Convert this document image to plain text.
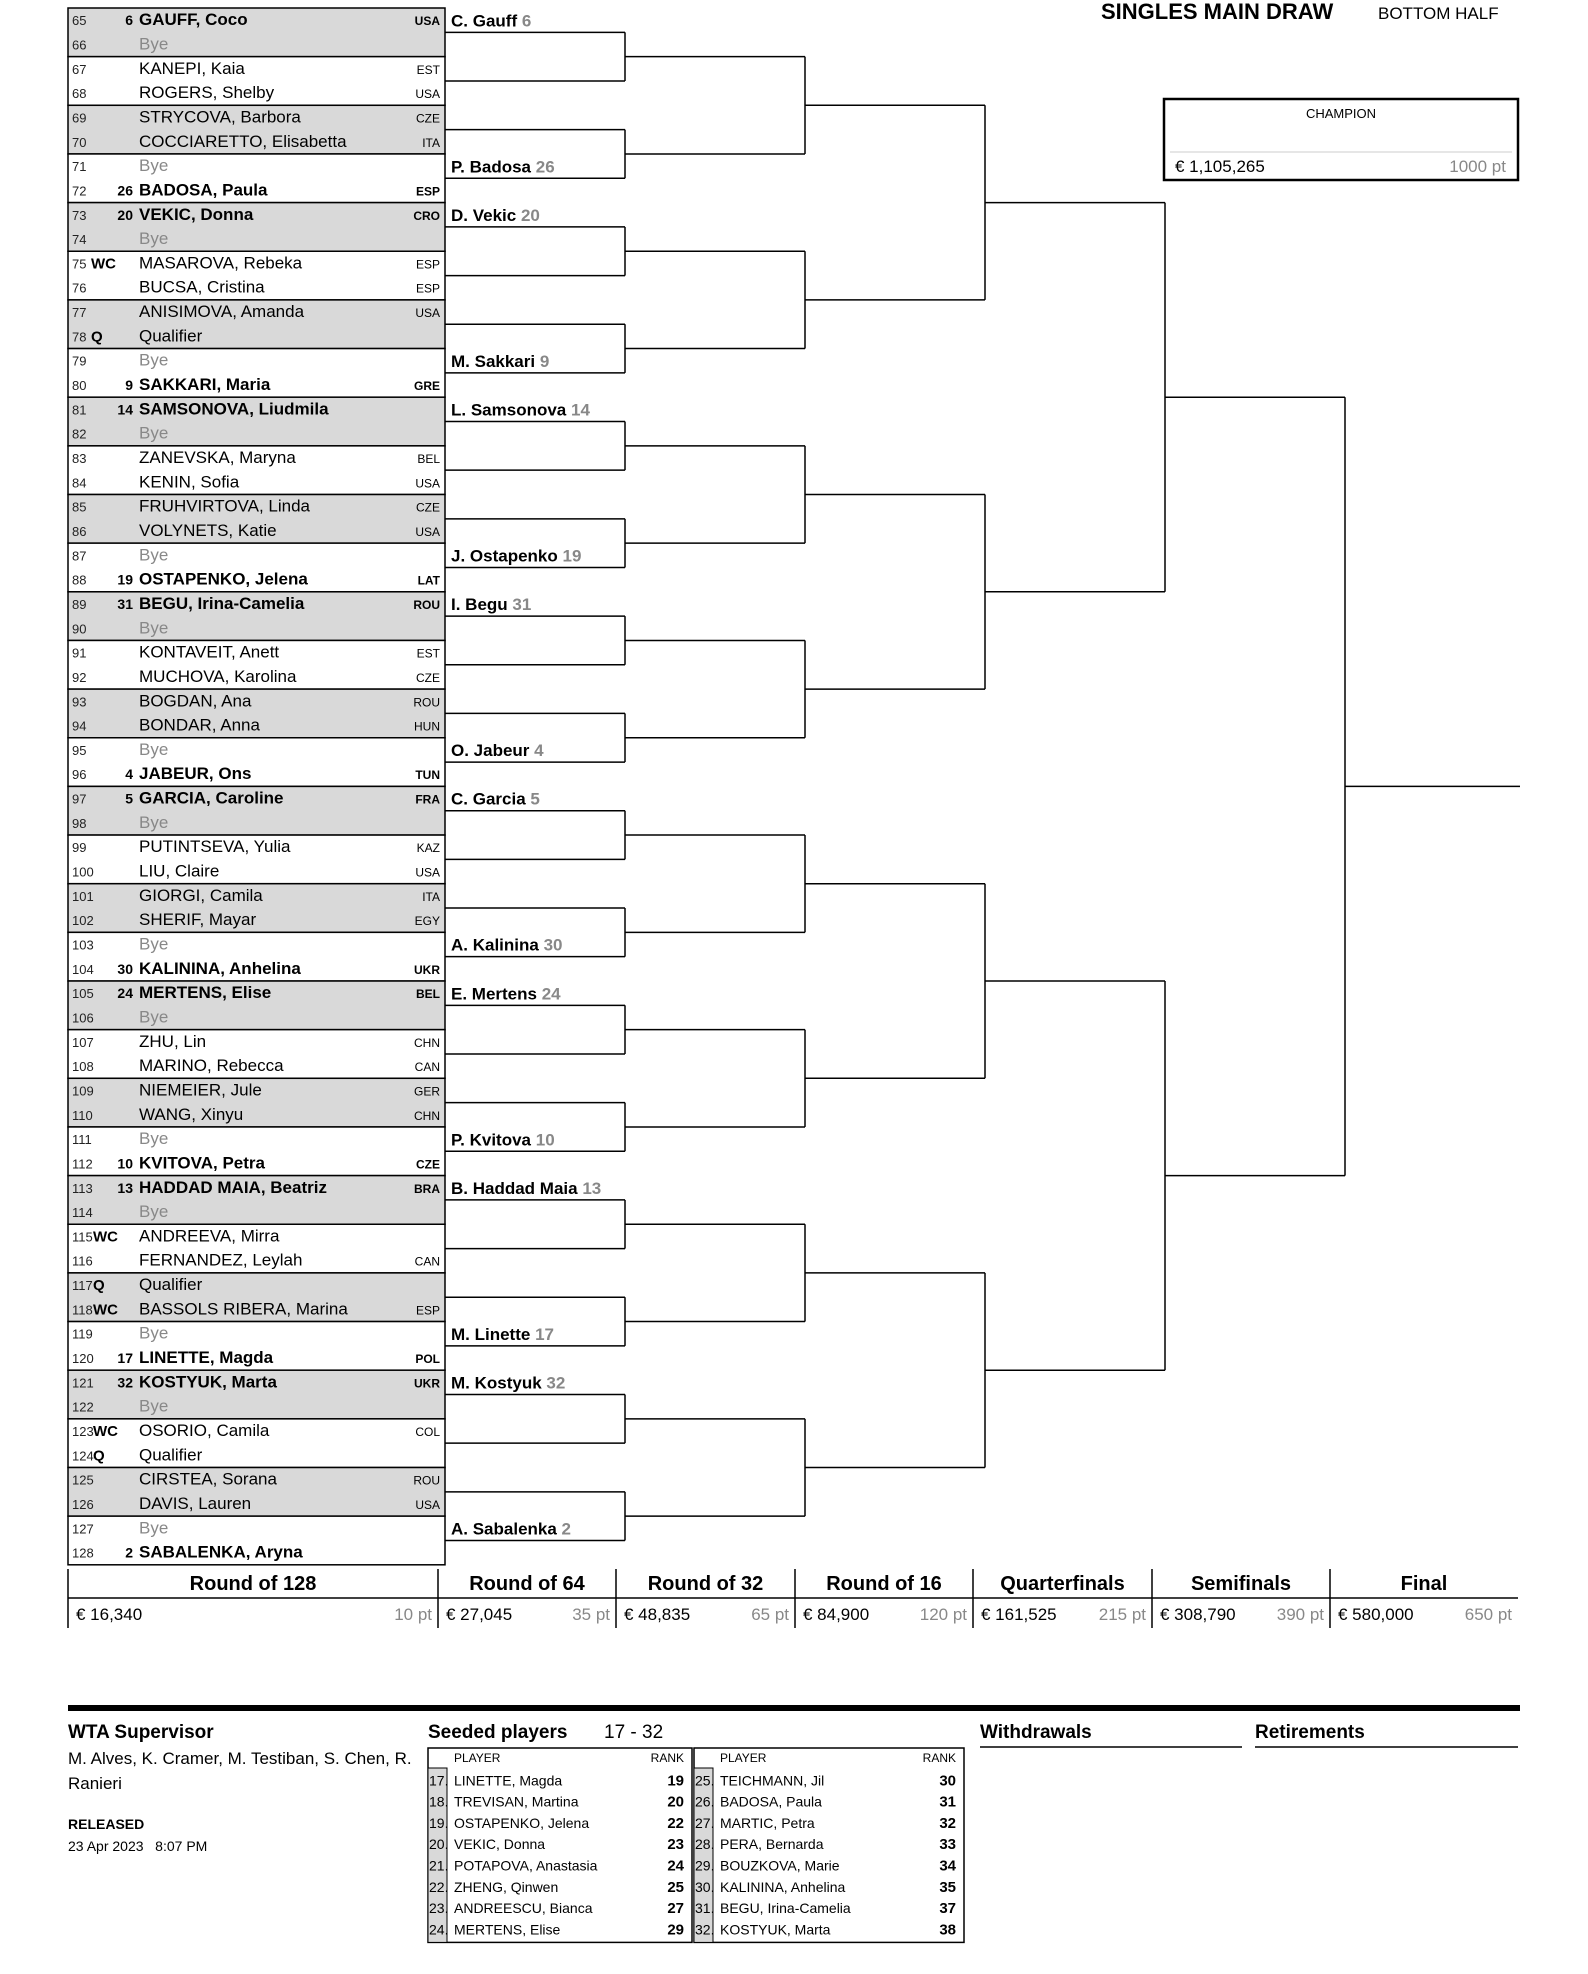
65	6 GAUFF, Coco	USA
66	Bye
67	KANEPI, Kaia	EST
68	ROGERS, Shelby	USA
69	STRYCOVA, Barbora	CZE
70	COCCIARETTO, Elisabetta	ITA
71	Bye
72 26 BADOSA, Paula	ESP
73 20 VEKIC, Donna	CRO
74	Bye
75 WC MASAROVA, Rebeka	ESP
76	BUCSA, Cristina	ESP
77	ANISIMOVA, Amanda	USA
78 Q Qualifier
79	Bye
80	9 SAKKARI, Maria	GRE
81 14 SAMSONOVA, Liudmila
82	Bye
83	ZANEVSKA, Maryna	BEL
84	KENIN, Sofia	USA
85	FRUHVIRTOVA, Linda	CZE
86	VOLYNETS, Katie	USA
87	Bye
88 19 OSTAPENKO, Jelena	LAT
89 31 BEGU, Irina-Camelia	ROU
90	Bye
91	KONTAVEIT, Anett	EST
92	MUCHOVA, Karolina	CZE
93	BOGDAN, Ana	ROU
94	BONDAR, Anna	HUN
95	Bye
96	4 JABEUR, Ons	TUN
97	5 GARCIA, Caroline	FRA
98	Bye
99	PUTINTSEVA, Yulia	KAZ
100	LIU, Claire	USA
101	GIORGI, Camila	ITA
102	SHERIF, Mayar	EGY
103	Bye
104 30 KALININA, Anhelina	UKR
105 24 MERTENS, Elise	BEL
106	Bye
107	ZHU, Lin	CHN
108	MARINO, Rebecca	CAN
109	NIEMEIER, Jule	GER
110	WANG, Xinyu	CHN
111	Bye
112 10 KVITOVA, Petra	CZE
113 13 HADDAD MAIA, Beatriz	BRA
114	Bye
115 WC ANDREEVA, Mirra
116	FERNANDEZ, Leylah	CAN
117 Q Qualifier
118 WC BASSOLS RIBERA, Marina	ESP
119	Bye
120 17 LINETTE, Magda	POL
121 32 KOSTYUK, Marta	UKR
122	Bye
123 WC OSORIO, Camila	COL
124 Q Qualifier
125	CIRSTEA, Sorana	ROU
126	DAVIS, Lauren	USA
127	Bye
128 2 SABALENKA, Aryna
C. Gauff 6
P. Badosa 26
D. Vekic 20
M. Sakkari 9
L. Samsonova 14
J. Ostapenko 19
I. Begu 31
O. Jabeur 4
C. Garcia 5
A. Kalinina 30
E. Mertens 24
P. Kvitova 10
B. Haddad Maia 13
M. Linette 17
M. Kostyuk 32
A. Sabalenka 2
SINGLES MAIN DRAW	BOTTOM HALF
CHAMPION
€ 1,105,265	1000 pt
Round of 128
€ 16,340	10 pt
Round of 64
€ 27,045	35 pt
Round of 32
€ 48,835	65 pt
Round of 16
€ 84,900	120 pt
Quarterfinals
€ 161,525 215 pt
Semifinals
€ 308,790 390 pt
Final
€ 580,000	650 pt
WTA Supervisor
M. Alves, K. Cramer, M. Testiban, S. Chen, R.
Ranieri
RELEASED
23 Apr 2023   8:07 PM
Seeded players 17 - 32
PLAYER	RANK
17. LINETTE, Magda	19
18. TREVISAN, Martina	20
19. OSTAPENKO, Jelena	22
20. VEKIC, Donna	23
21. POTAPOVA, Anastasia	24
22. ZHENG, Qinwen	25
23. ANDREESCU, Bianca	27
24. MERTENS, Elise	29
PLAYER	RANK
25. TEICHMANN, Jil	30
26. BADOSA, Paula	31
27. MARTIC, Petra	32
28. PERA, Bernarda	33
29. BOUZKOVA, Marie	34
30. KALININA, Anhelina	35
31. BEGU, Irina-Camelia	37
32. KOSTYUK, Marta	38
Withdrawals	Retirements
